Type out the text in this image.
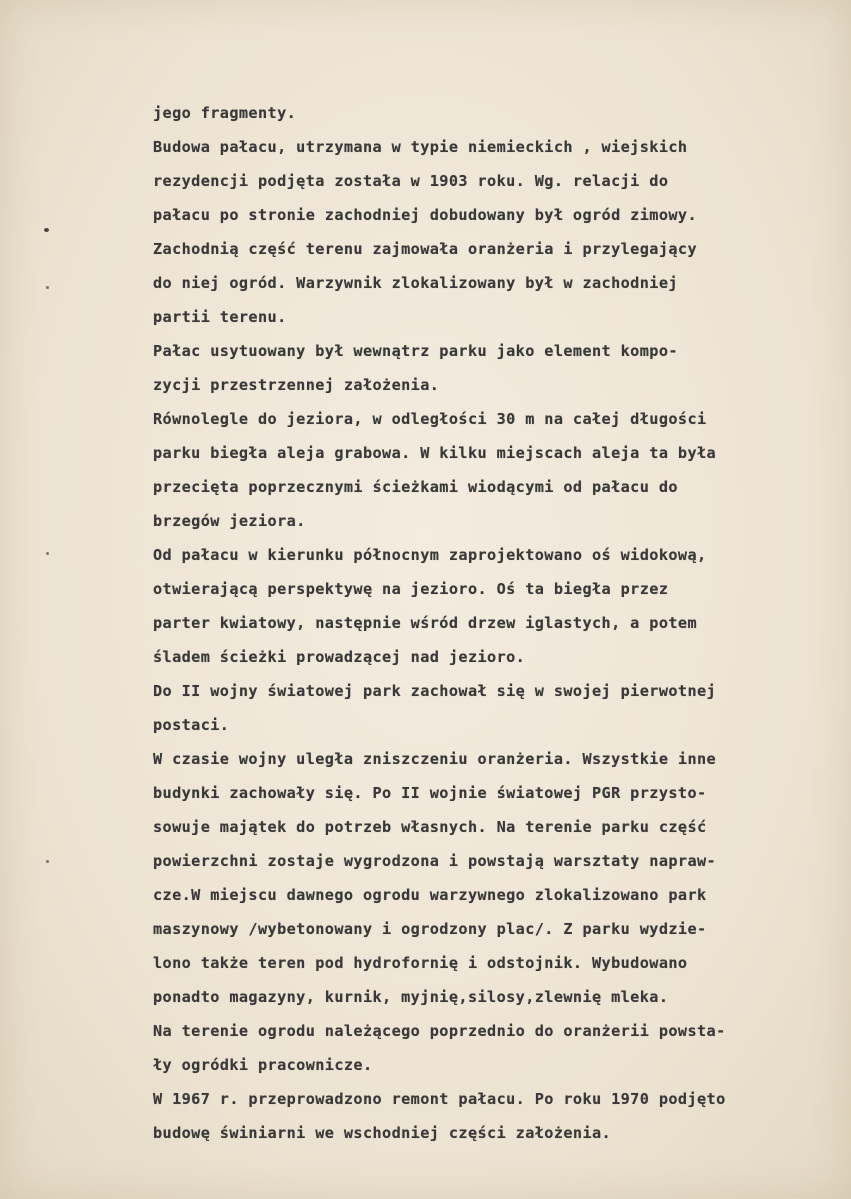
jego fragmenty.
Budowa pałacu, utrzymana w typie niemieckich , wiejskich
rezydencji podjęta została w 1903 roku. Wg. relacji do
pałacu po stronie zachodniej dobudowany był ogród zimowy.
Zachodnią część terenu zajmowała oranżeria i przylegający
do niej ogród. Warzywnik zlokalizowany był w zachodniej
partii terenu.
Pałac usytuowany był wewnątrz parku jako element kompo-
zycji przestrzennej założenia.
Równolegle do jeziora, w odległości 30 m na całej długości
parku biegła aleja grabowa. W kilku miejscach aleja ta była
przecięta poprzecznymi ścieżkami wiodącymi od pałacu do
brzegów jeziora.
Od pałacu w kierunku północnym zaprojektowano oś widokową,
otwierającą perspektywę na jezioro. Oś ta biegła przez
parter kwiatowy, następnie wśród drzew iglastych, a potem
śladem ścieżki prowadzącej nad jezioro.
Do II wojny światowej park zachował się w swojej pierwotnej
postaci.
W czasie wojny uległa zniszczeniu oranżeria. Wszystkie inne
budynki zachowały się. Po II wojnie światowej PGR przysto-
sowuje majątek do potrzeb własnych. Na terenie parku część
powierzchni zostaje wygrodzona i powstają warsztaty napraw-
cze.W miejscu dawnego ogrodu warzywnego zlokalizowano park
maszynowy /wybetonowany i ogrodzony plac/. Z parku wydzie-
lono także teren pod hydrofornię i odstojnik. Wybudowano
ponadto magazyny, kurnik, myjnię,silosy,zlewnię mleka.
Na terenie ogrodu należącego poprzednio do oranżerii powsta-
ły ogródki pracownicze.
W 1967 r. przeprowadzono remont pałacu. Po roku 1970 podjęto
budowę świniarni we wschodniej części założenia.
